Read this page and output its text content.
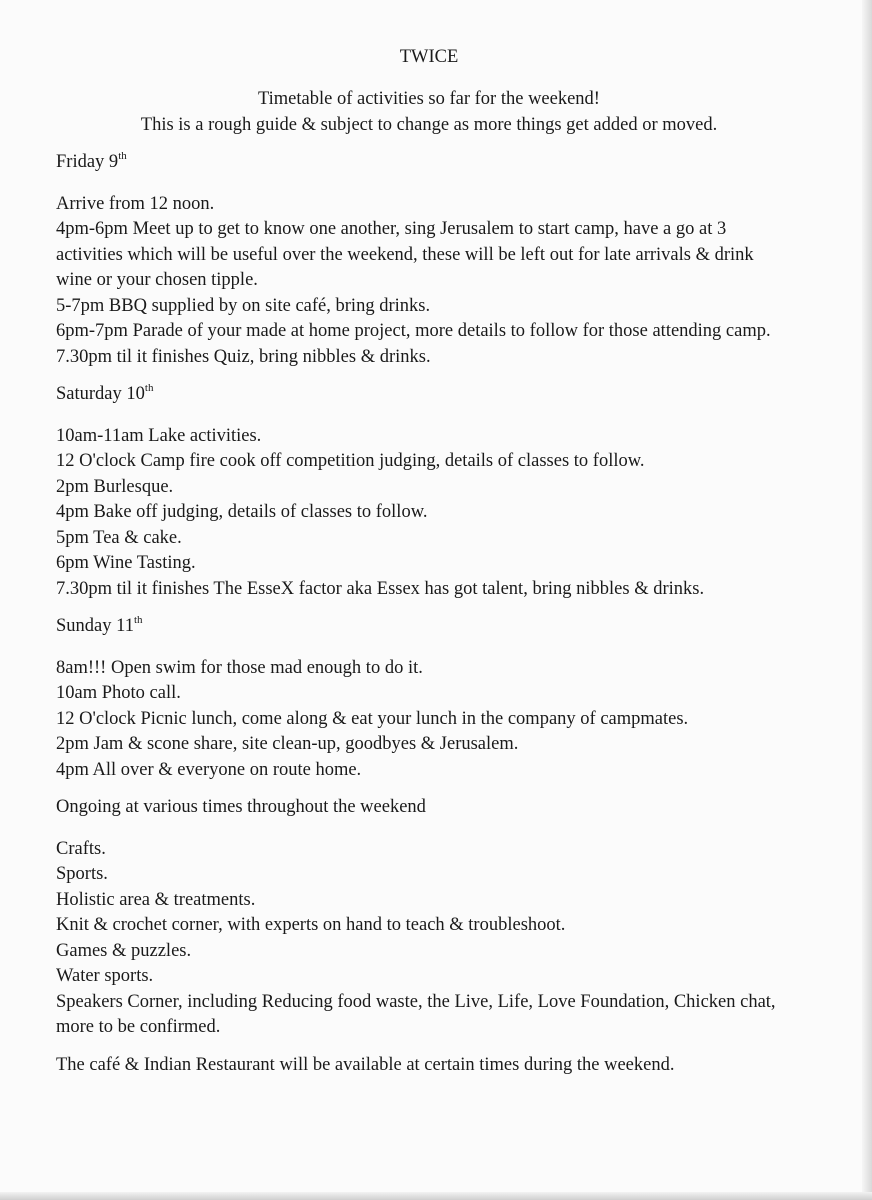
TWICE

Timetable of activities so far for the weekend!

This is a rough guide & subject to change as more things get added or moved.

Friday 9th

Arrive from 12 noon.

4pm-6pm Meet up to get to know one another, sing Jerusalem to start camp, have a go at 3 activities which will be useful over the weekend, these will be left out for late arrivals & drink wine or your chosen tipple.

5-7pm BBQ supplied by on site café, bring drinks.

6pm-7pm Parade of your made at home project, more details to follow for those attending camp.

7.30pm til it finishes Quiz, bring nibbles & drinks.

Saturday 10th

10am-11am Lake activities.

12 O'clock Camp fire cook off competition judging, details of classes to follow.

2pm Burlesque.

4pm Bake off judging, details of classes to follow.

5pm Tea & cake.

6pm Wine Tasting.

7.30pm til it finishes The EsseX factor aka Essex has got talent, bring nibbles & drinks.

Sunday 11th

8am!!! Open swim for those mad enough to do it.

10am Photo call.

12 O'clock Picnic lunch, come along & eat your lunch in the company of campmates.

2pm Jam & scone share, site clean-up, goodbyes & Jerusalem.

4pm All over & everyone on route home.

Ongoing at various times throughout the weekend

Crafts.

Sports.

Holistic area & treatments.

Knit & crochet corner, with experts on hand to teach & troubleshoot.

Games & puzzles.

Water sports.

Speakers Corner, including Reducing food waste, the Live, Life, Love Foundation, Chicken chat, more to be confirmed.

The café & Indian Restaurant will be available at certain times during the weekend.
